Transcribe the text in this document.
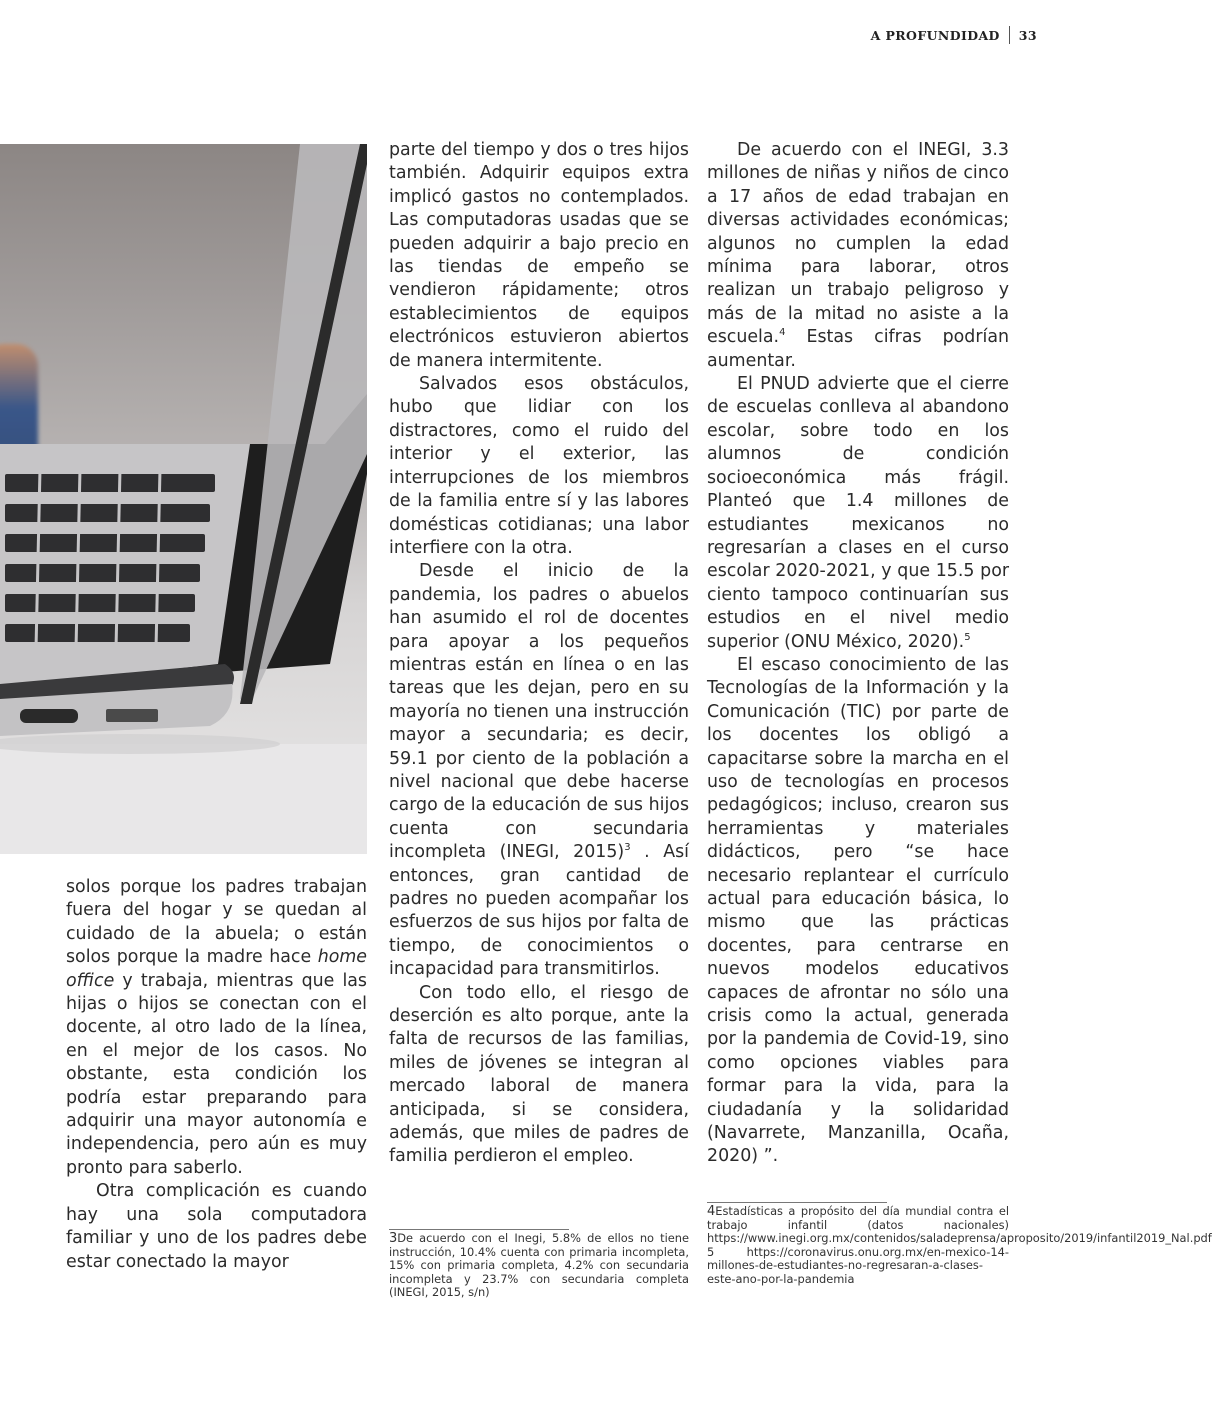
A PROFUNDIDAD 33

solos porque los padres trabajan fuera del hogar y se quedan al cuidado de la abuela; o están solos porque la madre hace home office y trabaja, mientras que las hijas o hijos se conectan con el docente, al otro lado de la línea, en el mejor de los casos. No obstante, esta condición los podría estar preparando para adquirir una mayor autonomía e independencia, pero aún es muy pronto para saberlo.

Otra complicación es cuando hay una sola computadora familiar y uno de los padres debe estar conectado la mayor

parte del tiempo y dos o tres hijos también. Adquirir equipos extra implicó gastos no contemplados. Las computadoras usadas que se pueden adquirir a bajo precio en las tiendas de empeño se vendieron rápidamente; otros establecimientos de equipos electrónicos estuvieron abiertos de manera intermitente.

Salvados esos obstáculos, hubo que lidiar con los distractores, como el ruido del interior y el exterior, las interrupciones de los miembros de la familia entre sí y las labores domésticas cotidianas; una labor interfiere con la otra.

Desde el inicio de la pandemia, los padres o abuelos han asumido el rol de docentes para apoyar a los pequeños mientras están en línea o en las tareas que les dejan, pero en su mayoría no tienen una instrucción mayor a secundaria; es decir, 59.1 por ciento de la población a nivel nacional que debe hacerse cargo de la educación de sus hijos cuenta con secundaria incompleta (INEGI, 2015)$^3$ . Así entonces, gran cantidad de padres no pueden acompañar los esfuerzos de sus hijos por falta de tiempo, de conocimientos o incapacidad para transmitirlos.

Con todo ello, el riesgo de deserción es alto porque, ante la falta de recursos de las familias, miles de jóvenes se integran al mercado laboral de manera anticipada, si se considera, además, que miles de padres de familia perdieron el empleo.

De acuerdo con el INEGI, 3.3 millones de niñas y niños de cinco a 17 años de edad trabajan en diversas actividades económicas; algunos no cumplen la edad mínima para laborar, otros realizan un trabajo peligroso y más de la mitad no asiste a la escuela.$^4$ Estas cifras podrían aumentar.

El PNUD advierte que el cierre de escuelas conlleva al abandono escolar, sobre todo en los alumnos de condición socioeconómica más frágil. Planteó que 1.4 millones de estudiantes mexicanos no regresarían a clases en el curso escolar 2020-2021, y que 15.5 por ciento tampoco continuarían sus estudios en el nivel medio superior (ONU México, 2020).$^5$

El escaso conocimiento de las Tecnologías de la Información y la Comunicación (TIC) por parte de los docentes los obligó a capacitarse sobre la marcha en el uso de tecnologías en procesos pedagógicos; incluso, crearon sus herramientas y materiales didácticos, pero “se hace necesario replantear el currículo actual para educación básica, lo mismo que las prácticas docentes, para centrarse en nuevos modelos educativos capaces de afrontar no sólo una crisis como la actual, generada por la pandemia de Covid-19, sino como opciones viables para formar para la vida, para la ciudadanía y la solidaridad (Navarrete, Manzanilla, Ocaña, 2020) ”.

3De acuerdo con el Inegi, 5.8% de ellos no tiene instrucción, 10.4% cuenta con primaria incompleta, 15% con primaria completa, 4.2% con secundaria incompleta y 23.7% con secundaria completa (INEGI, 2015, s/n)

4Estadísticas a propósito del día mundial contra el trabajo infantil (datos nacionales) https://www.inegi.org.mx/contenidos/saladeprensa/aproposito/2019/infantil2019_Nal.pdf

5 https://coronavirus.onu.org.mx/en-mexico-14-millones-de-estudiantes-no-regresaran-a-clases-este-ano-por-la-pandemia
